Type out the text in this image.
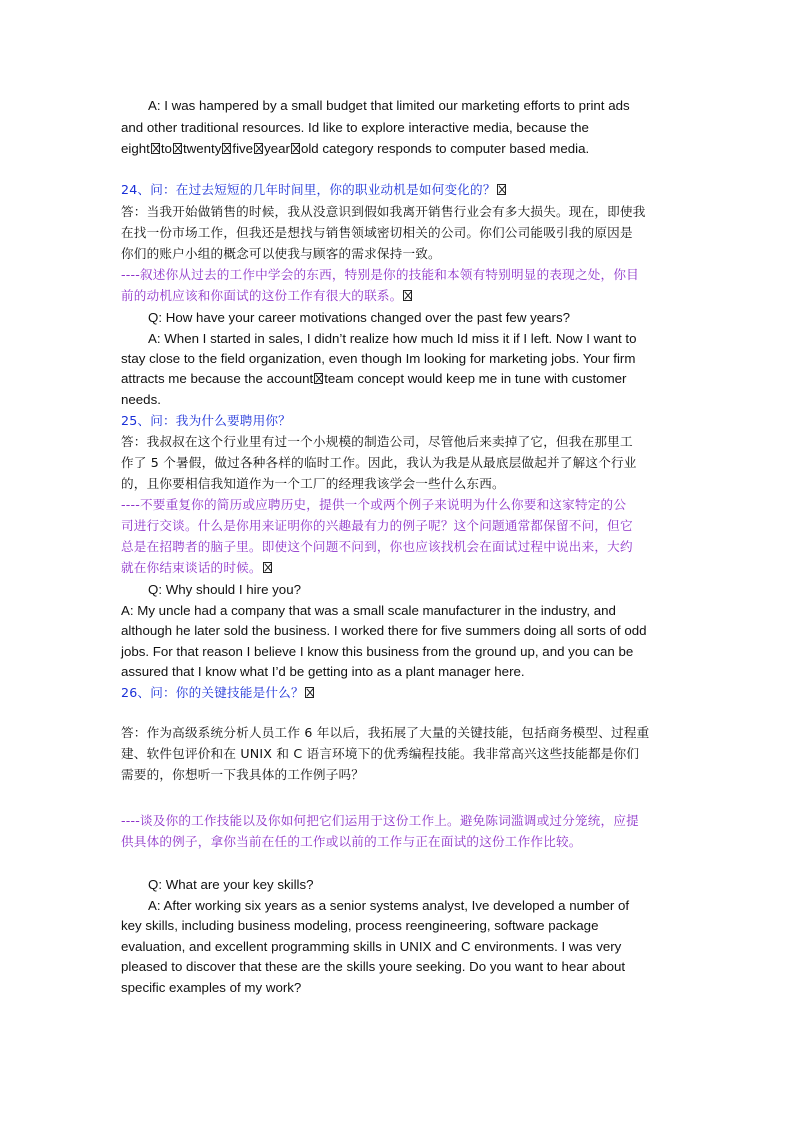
A: I was hampered by a small budget that limited our marketing efforts to print ads
and other traditional resources. Id like to explore interactive media, because the
eight to twenty five year old category responds to computer based media.
24、问：在过去短短的几年时间里，你的职业动机是如何变化的？
答：当我开始做销售的时候，我从没意识到假如我离开销售行业会有多大损失。现在，即使我
在找一份市场工作，但我还是想找与销售领域密切相关的公司。你们公司能吸引我的原因是
你们的账户小组的概念可以使我与顾客的需求保持一致。
----叙述你从过去的工作中学会的东西，特别是你的技能和本领有特别明显的表现之处，你目
前的动机应该和你面试的这份工作有很大的联系。
Q: How have your career motivations changed over the past few years?
A: When I started in sales, I didn’t realize how much Id miss it if I left. Now I want to
stay close to the field organization, even though Im looking for marketing jobs. Your firm
attracts me because the account team concept would keep me in tune with customer
needs.
25、问：我为什么要聘用你？
答：我叔叔在这个行业里有过一个小规模的制造公司，尽管他后来卖掉了它，但我在那里工
作了 5 个暑假，做过各种各样的临时工作。因此，我认为我是从最底层做起并了解这个行业
的，且你要相信我知道作为一个工厂的经理我该学会一些什么东西。
----不要重复你的简历或应聘历史，提供一个或两个例子来说明为什么你要和这家特定的公
司进行交谈。什么是你用来证明你的兴趣最有力的例子呢？这个问题通常都保留不问，但它
总是在招聘者的脑子里。即使这个问题不问到，你也应该找机会在面试过程中说出来，大约
就在你结束谈话的时候。
Q: Why should I hire you?
A: My uncle had a company that was a small scale manufacturer in the industry, and
although he later sold the business. I worked there for five summers doing all sorts of odd
jobs. For that reason I believe I know this business from the ground up, and you can be
assured that I know what I’d be getting into as a plant manager here.
26、问：你的关键技能是什么？
答：作为高级系统分析人员工作 6 年以后，我拓展了大量的关键技能，包括商务模型、过程重
建、软件包评价和在 UNIX 和 C 语言环境下的优秀编程技能。我非常高兴这些技能都是你们
需要的，你想听一下我具体的工作例子吗？
----谈及你的工作技能以及你如何把它们运用于这份工作上。避免陈词滥调或过分笼统，应提
供具体的例子，拿你当前在任的工作或以前的工作与正在面试的这份工作作比较。
Q: What are your key skills?
A: After working six years as a senior systems analyst, Ive developed a number of
key skills, including business modeling, process reengineering, software package
evaluation, and excellent programming skills in UNIX and C environments. I was very
pleased to discover that these are the skills youre seeking. Do you want to hear about
specific examples of my work?
